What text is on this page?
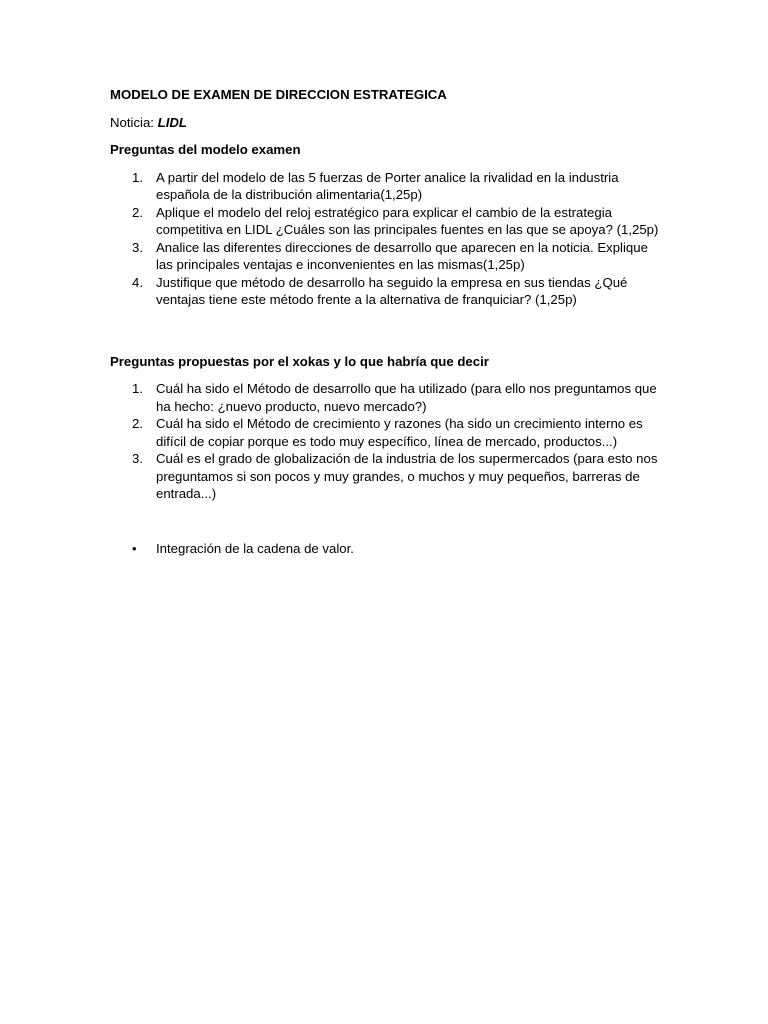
MODELO DE EXAMEN DE DIRECCION ESTRATEGICA

Noticia: LIDL

Preguntas del modelo examen

1. A partir del modelo de las 5 fuerzas de Porter analice la rivalidad en la industria española de la distribución alimentaria(1,25p)
2. Aplique el modelo del reloj estratégico para explicar el cambio de la estrategia competitiva en LIDL ¿Cuáles son las principales fuentes en las que se apoya? (1,25p)
3. Analice las diferentes direcciones de desarrollo que aparecen en la noticia. Explique las principales ventajas e inconvenientes en las mismas(1,25p)
4. Justifique que método de desarrollo ha seguido la empresa en sus tiendas ¿Qué ventajas tiene este método frente a la alternativa de franquiciar? (1,25p)

Preguntas propuestas por el xokas y lo que habría que decir

1. Cuál ha sido el Método de desarrollo que ha utilizado (para ello nos preguntamos que ha hecho: ¿nuevo producto, nuevo mercado?)
2. Cuál ha sido el Método de crecimiento y razones (ha sido un crecimiento interno es difícil de copiar porque es todo muy específico, línea de mercado, productos...)
3. Cuál es el grado de globalización de la industria de los supermercados (para esto nos preguntamos si son pocos y muy grandes, o muchos y muy pequeños, barreras de entrada...)
• Integración de la cadena de valor.
